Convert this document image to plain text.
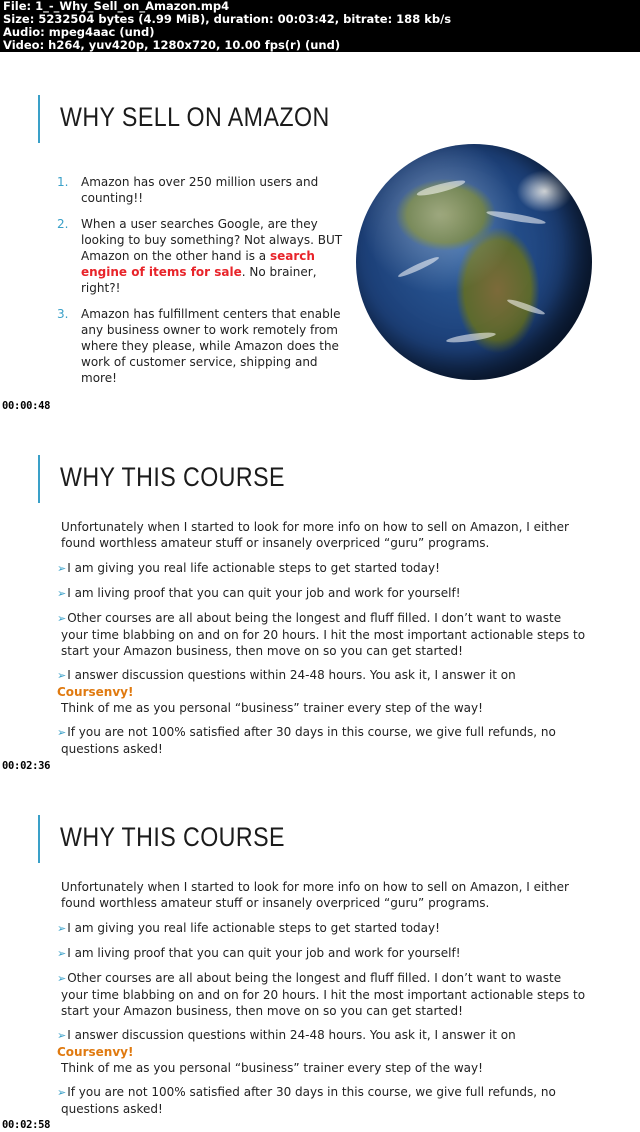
File: 1_-_Why_Sell_on_Amazon.mp4
Size: 5232504 bytes (4.99 MiB), duration: 00:03:42, bitrate: 188 kb/s
Audio: mpeg4aac (und)
Video: h264, yuv420p, 1280x720, 10.00 fps(r) (und)
WHY SELL ON AMAZON
1. Amazon has over 250 million users and counting!!
2. When a user searches Google, are they looking to buy something? Not always. BUT Amazon on the other hand is a search engine of items for sale. No brainer, right?!
3. Amazon has fulfillment centers that enable any business owner to work remotely from where they please, while Amazon does the work of customer service, shipping and more!
00:00:48
WHY THIS COURSE
Unfortunately when I started to look for more info on how to sell on Amazon, I either found worthless amateur stuff or insanely overpriced “guru” programs.
➢I am giving you real life actionable steps to get started today!
➢I am living proof that you can quit your job and work for yourself!
➢Other courses are all about being the longest and fluff filled. I don’t want to waste
your time blabbing on and on for 20 hours. I hit the most important actionable steps to start your Amazon business, then move on so you can get started!
➢I answer discussion questions within 24-48 hours. You ask it, I answer it on Coursenvy!
Think of me as you personal “business” trainer every step of the way!
➢If you are not 100% satisfied after 30 days in this course, we give full refunds, no
questions asked!
00:02:36
WHY THIS COURSE
Unfortunately when I started to look for more info on how to sell on Amazon, I either found worthless amateur stuff or insanely overpriced “guru” programs.
➢I am giving you real life actionable steps to get started today!
➢I am living proof that you can quit your job and work for yourself!
➢Other courses are all about being the longest and fluff filled. I don’t want to waste
your time blabbing on and on for 20 hours. I hit the most important actionable steps to start your Amazon business, then move on so you can get started!
➢I answer discussion questions within 24-48 hours. You ask it, I answer it on Coursenvy!
Think of me as you personal “business” trainer every step of the way!
➢If you are not 100% satisfied after 30 days in this course, we give full refunds, no
questions asked!
00:02:58
